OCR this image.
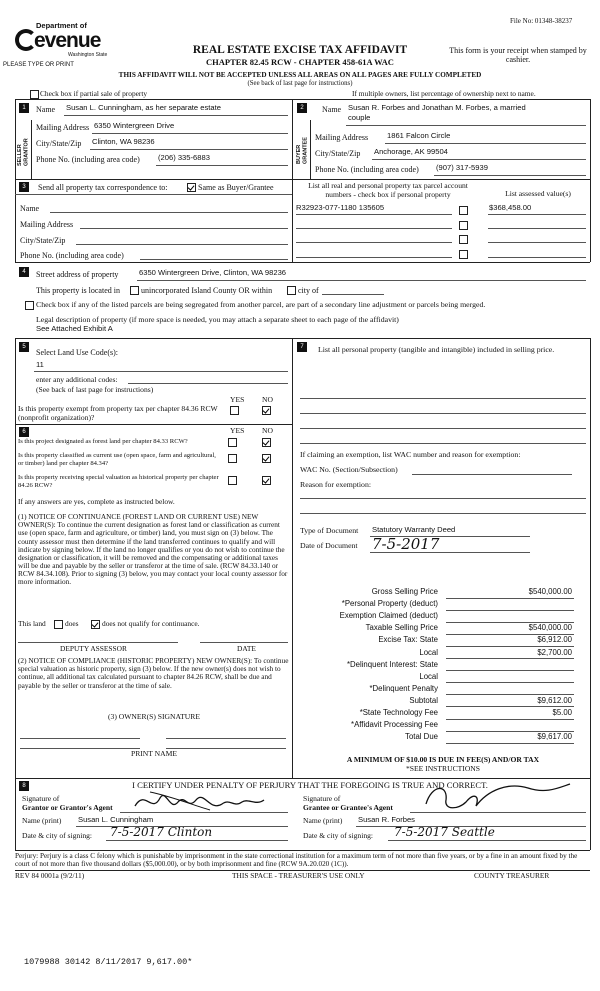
File No: 01348-38237
Department of
evenue
Washington State
PLEASE TYPE OR PRINT
REAL ESTATE EXCISE TAX AFFIDAVIT
CHAPTER 82.45 RCW - CHAPTER 458-61A WAC
This form is your receipt when stamped by cashier.
THIS AFFIDAVIT WILL NOT BE ACCEPTED UNLESS ALL AREAS ON ALL PAGES ARE FULLY COMPLETED
(See back of last page for instructions)
Check box if partial sale of property	If multiple owners, list percentage of ownership next to name.
1
SELLER GRANTOR
Name Susan L. Cunningham, as her separate estate
Mailing Address 6350 Wintergreen Drive
City/State/Zip Clinton, WA 98236
Phone No. (including area code) (206) 335-6883
2
BUYER GRANTEE
Name Susan R. Forbes and Jonathan M. Forbes, a married
couple
Mailing Address 1861 Falcon Circle
City/State/Zip Anchorage, AK 99504
Phone No. (including area code) (907) 317-5939
3	Send all property tax correspondence to:	Same as Buyer/Grantee
Name
Mailing Address
City/State/Zip
Phone No. (including area code)
List all real and personal property tax parcel account numbers - check box if personal property	List assessed value(s)
R32923-077-1180 135605	$368,458.00
4	Street address of property	6350 Wintergreen Drive, Clinton, WA 98236
This property is located in	unincorporated Island County OR within	city of
Check box if any of the listed parcels are being segregated from another parcel, are part of a secondary line adjustment or parcels being merged.
Legal description of property (if more space is needed, you may attach a separate sheet to each page of the affidavit)
See Attached Exhibit A
5
Select Land Use Code(s):
11
enter any additional codes:
(See back of last page for instructions)
YES NO
Is this property exempt from property tax per chapter 84.36 RCW (nonprofit organization)?
6	YES NO
Is this project designated as forest land per chapter 84.33 RCW?
Is this property classified as current use (open space, farm and agricultural, or timber) land per chapter 84.34?
Is this property receiving special valuation as historical property per chapter 84.26 RCW?
If any answers are yes, complete as instructed below.
(1) NOTICE OF CONTINUANCE (FOREST LAND OR CURRENT USE) NEW OWNER(S): To continue the current designation as forest land or classification as current use (open space, farm and agriculture, or timber) land, you must sign on (3) below. The county assessor must then determine if the land transferred continues to qualify and will indicate by signing below. If the land no longer qualifies or you do not wish to continue the designation or classification, it will be removed and the compensating or additional taxes will be due and payable by the seller or transferor at the time of sale. (RCW 84.33.140 or RCW 84.34.108). Prior to signing (3) below, you may contact your local county assessor for more information.
This land	does	does not qualify for continuance.
DEPUTY ASSESSOR	DATE
(2) NOTICE OF COMPLIANCE (HISTORIC PROPERTY) NEW OWNER(S): To continue special valuation as historic property, sign (3) below. If the new owner(s) does not wish to continue, all additional tax calculated pursuant to chapter 84.26 RCW, shall be due and payable by the seller or transferor at the time of sale.
(3) OWNER(S) SIGNATURE
PRINT NAME
7	List all personal property (tangible and intangible) included in selling price.
If claiming an exemption, list WAC number and reason for exemption:
WAC No. (Section/Subsection)
Reason for exemption:
Type of Document Statutory Warranty Deed
Date of Document 7-5-2017
Gross Selling Price	$540,000.00
*Personal Property (deduct)
Exemption Claimed (deduct)
Taxable Selling Price	$540,000.00
Excise Tax: State	$6,912.00
Local	$2,700.00
*Delinquent Interest: State
Local
*Delinquent Penalty
Subtotal	$9,612.00
*State Technology Fee	$5.00
*Affidavit Processing Fee
Total Due	$9,617.00
A MINIMUM OF $10.00 IS DUE IN FEE(S) AND/OR TAX
*SEE INSTRUCTIONS
8	I CERTIFY UNDER PENALTY OF PERJURY THAT THE FOREGOING IS TRUE AND CORRECT.
Signature of
Grantor or Grantor's Agent
Name (print) Susan L. Cunningham
Date & city of signing: 7-5-2017 Clinton
Signature of
Grantee or Grantee's Agent
Name (print) Susan R. Forbes
Date & city of signing: 7-5-2017 Seattle
Perjury: Perjury is a class C felony which is punishable by imprisonment in the state correctional institution for a maximum term of not more than five years, or by a fine in an amount fixed by the court of not more than five thousand dollars ($5,000.00), or by both imprisonment and fine (RCW 9A.20.020 (1C)).
REV 84 0001a (9/2/11)	THIS SPACE - TREASURER'S USE ONLY	COUNTY TREASURER
1079988 30142 8/11/2017 9,617.00*
